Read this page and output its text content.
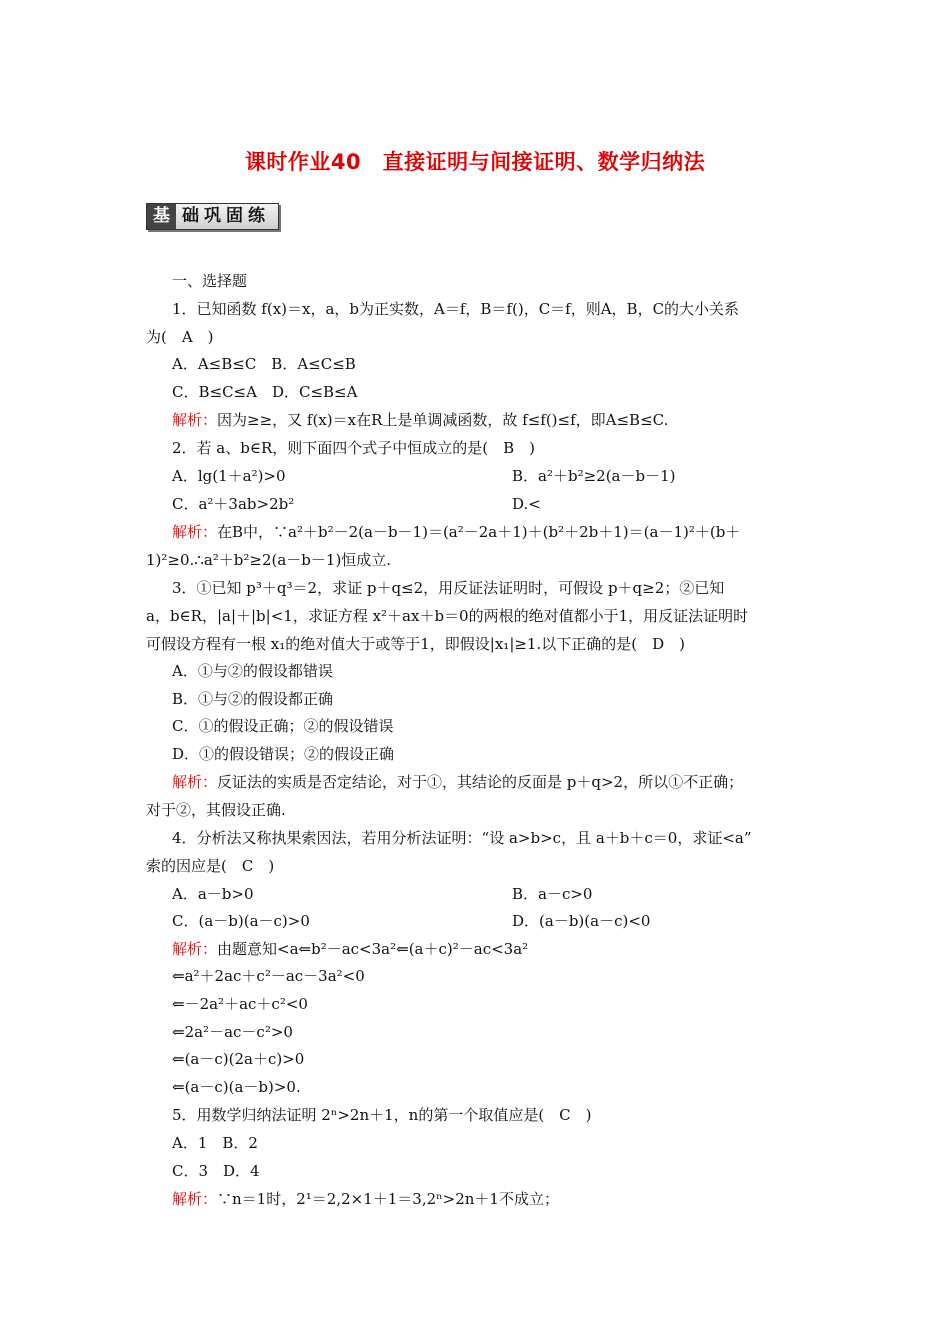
课时作业40　直接证明与间接证明、数学归纳法
基 础巩固练
一、选择题
1．已知函数 f(x)＝x，a，b为正实数，A＝f，B＝f()，C＝f，则A，B，C的大小关系
为(　A　)
A．A≤B≤C　B．A≤C≤B
C．B≤C≤A　D．C≤B≤A
解析：因为≥≥，又 f(x)＝x在R上是单调减函数，故 f≤f()≤f，即A≤B≤C.
2．若 a、b∈R，则下面四个式子中恒成立的是(　B　)
A．lg(1＋a²)>0	B．a²＋b²≥2(a－b－1)
C．a²＋3ab>2b²	D.<
解析：在B中，∵a²＋b²－2(a－b－1)＝(a²－2a＋1)＋(b²＋2b＋1)＝(a－1)²＋(b＋
1)²≥0.∴a²＋b²≥2(a－b－1)恒成立.
3．①已知 p³＋q³＝2，求证 p＋q≤2，用反证法证明时，可假设 p＋q≥2；②已知
a，b∈R，|a|＋|b|<1，求证方程 x²＋ax＋b＝0的两根的绝对值都小于1，用反证法证明时
可假设方程有一根 x₁的绝对值大于或等于1，即假设|x₁|≥1.以下正确的是(　D　)
A．①与②的假设都错误
B．①与②的假设都正确
C．①的假设正确；②的假设错误
D．①的假设错误；②的假设正确
解析：反证法的实质是否定结论，对于①，其结论的反面是 p＋q>2，所以①不正确；
对于②，其假设正确.
4．分析法又称执果索因法，若用分析法证明：“设 a>b>c，且 a＋b＋c＝0，求证<a”
索的因应是(　C　)
A．a－b>0	B．a－c>0
C．(a－b)(a－c)>0	D．(a－b)(a－c)<0
解析：由题意知<a⇐b²－ac<3a²⇐(a＋c)²－ac<3a²
⇐a²＋2ac＋c²－ac－3a²<0
⇐－2a²＋ac＋c²<0
⇐2a²－ac－c²>0
⇐(a－c)(2a＋c)>0
⇐(a－c)(a－b)>0.
5．用数学归纳法证明 2ⁿ>2n＋1，n的第一个取值应是(　C　)
A．1　B．2
C．3　D．4
解析：∵n＝1时，2¹＝2,2×1＋1＝3,2ⁿ>2n＋1不成立；
